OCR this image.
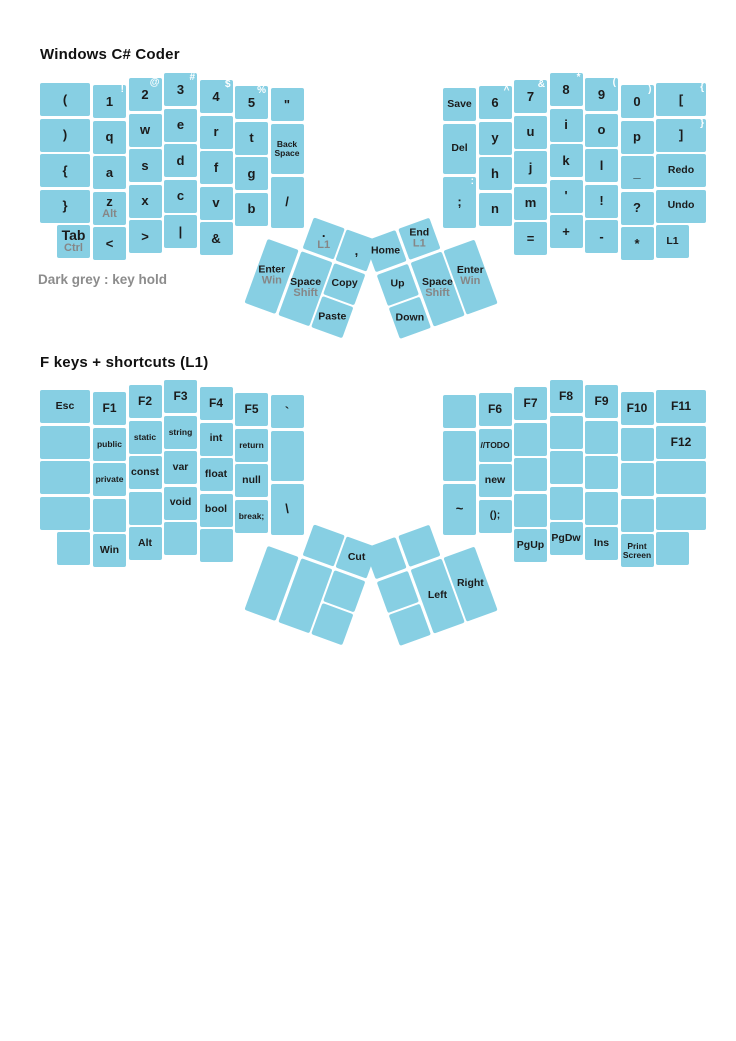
Windows C# Coder
Dark grey : key hold
F keys + shortcuts (L1)
(
)
{
}
Tab
Ctrl
1
!
q
a
z
Alt
<
2
@
w
s
x
>
3
#
e
d
c
|
4
$
r
f
v
&
5
%
t
g
b
"
Back Space
/
Save
Del
;
:
6
^
y
h
n
7
&
u
j
m
=
8
*
i
k
'
+
9
(
o
l
!
-
0
)
p
_
?
*
[
{
]
}
Redo
Undo
L1
.
L1 ,
Enter
Win Space
Shift
Copy
Paste
Home
End
L1
Up
Down
Space
Shift
Enter
Win
Esc F1
public
private
Win
F2
static
const
Alt
F3
string
var
void
F4
int
float
bool
F5
return
null
break;
`
\	~
F6
//TODO
new
();
F7
PgUp
F8
PgDw
F9
Ins
F10
Print Screen
F11
F12
Cut
Left
Right
